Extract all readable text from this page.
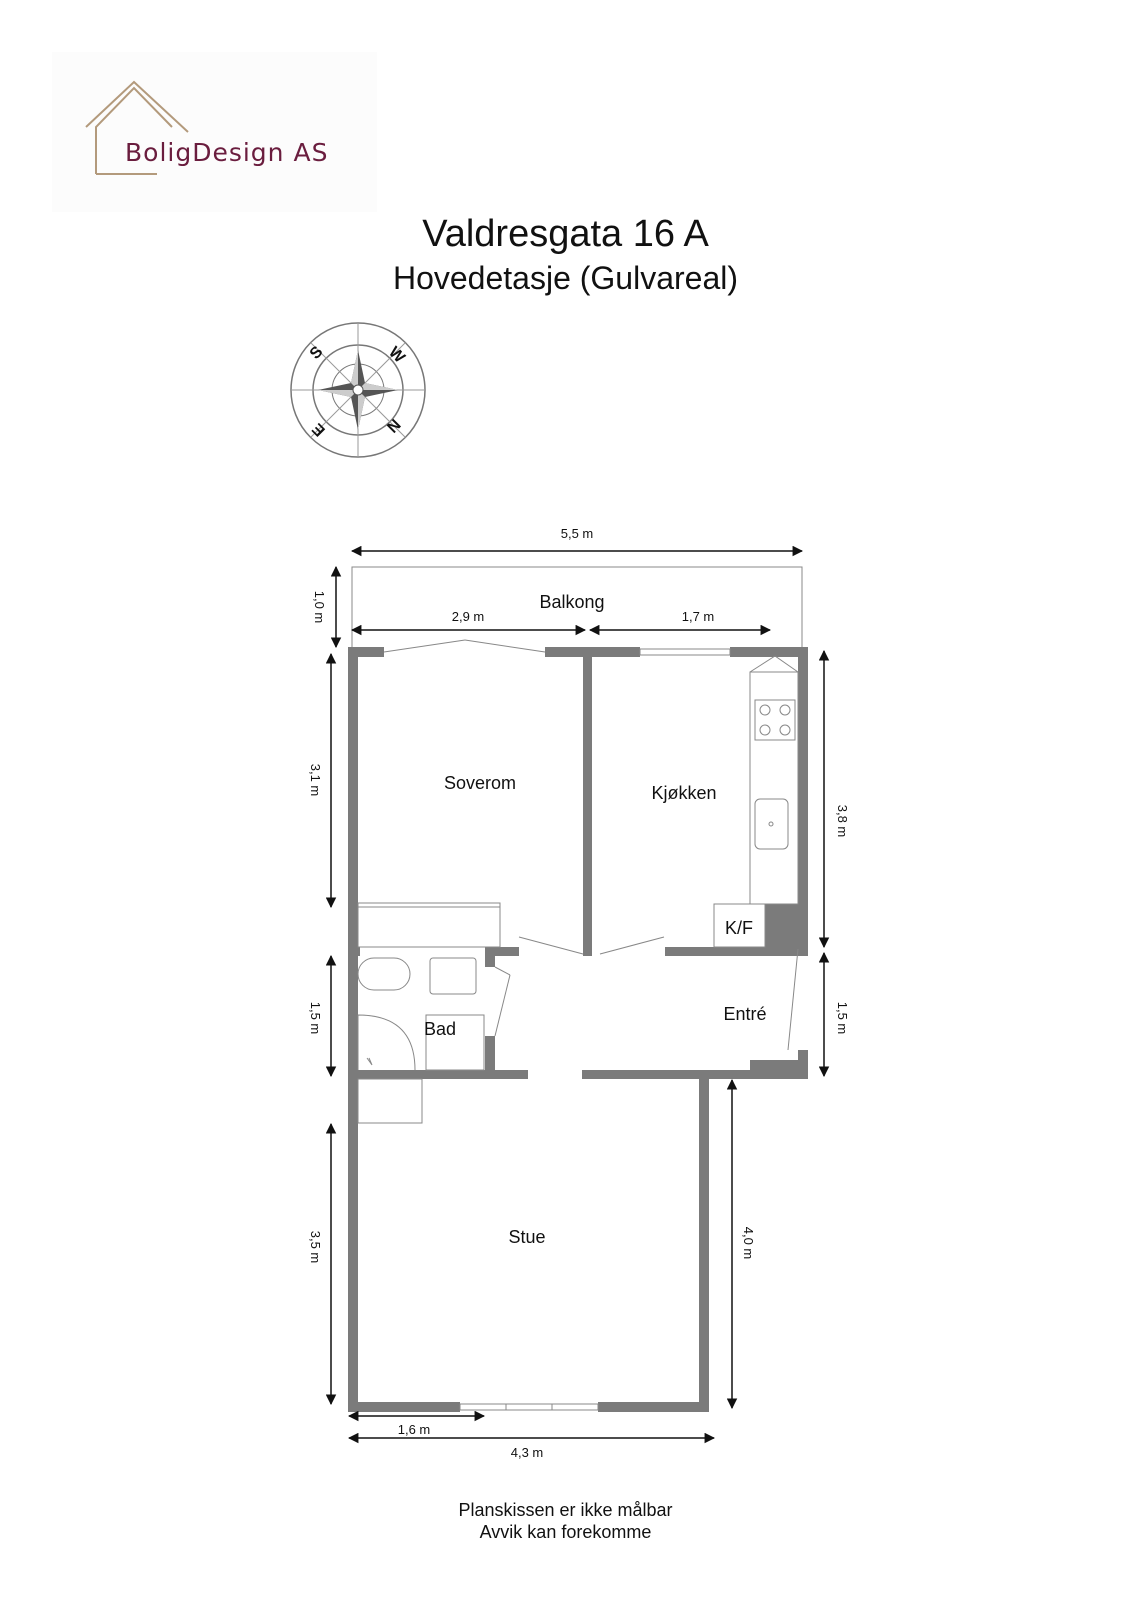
BoligDesign AS
Valdresgata 16 A
Hovedetasje (Gulvareal)
S	W
N
E
Balkong
Soverom	Kjøkken
K/F
Entré
Bad
Stue
5,5 m
1,0 m	2,9 m	1,7 m
3,1 m
3,8 m
1,5 m	1,5 m
3,5 m	4,0 m
1,6 m
4,3 m
Planskissen er ikke målbar
Avvik kan forekomme
